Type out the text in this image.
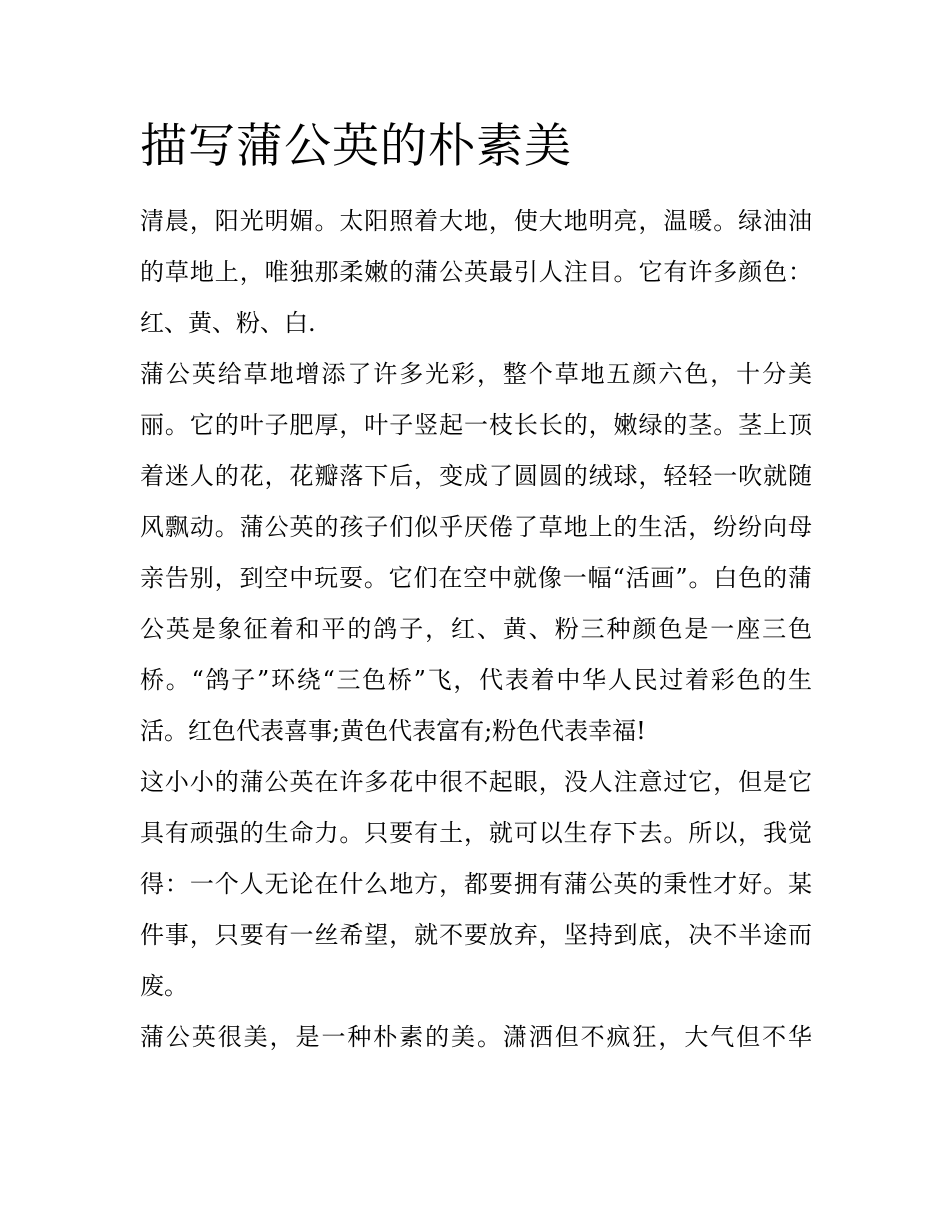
描写蒲公英的朴素美
清晨，阳光明媚。太阳照着大地，使大地明亮，温暖。绿油油
的草地上，唯独那柔嫩的蒲公英最引人注目。它有许多颜色：
红、黄、粉、白.
蒲公英给草地增添了许多光彩，整个草地五颜六色，十分美
丽。它的叶子肥厚，叶子竖起一枝长长的，嫩绿的茎。茎上顶
着迷人的花，花瓣落下后，变成了圆圆的绒球，轻轻一吹就随
风飘动。蒲公英的孩子们似乎厌倦了草地上的生活，纷纷向母
亲告别，到空中玩耍。它们在空中就像一幅“活画”。白色的蒲
公英是象征着和平的鸽子，红、黄、粉三种颜色是一座三色
桥。“鸽子”环绕“三色桥”飞，代表着中华人民过着彩色的生
活。红色代表喜事;黄色代表富有;粉色代表幸福!
这小小的蒲公英在许多花中很不起眼，没人注意过它，但是它
具有顽强的生命力。只要有土，就可以生存下去。所以，我觉
得：一个人无论在什么地方，都要拥有蒲公英的秉性才好。某
件事，只要有一丝希望，就不要放弃，坚持到底，决不半途而
废。
蒲公英很美，是一种朴素的美。潇洒但不疯狂，大气但不华
